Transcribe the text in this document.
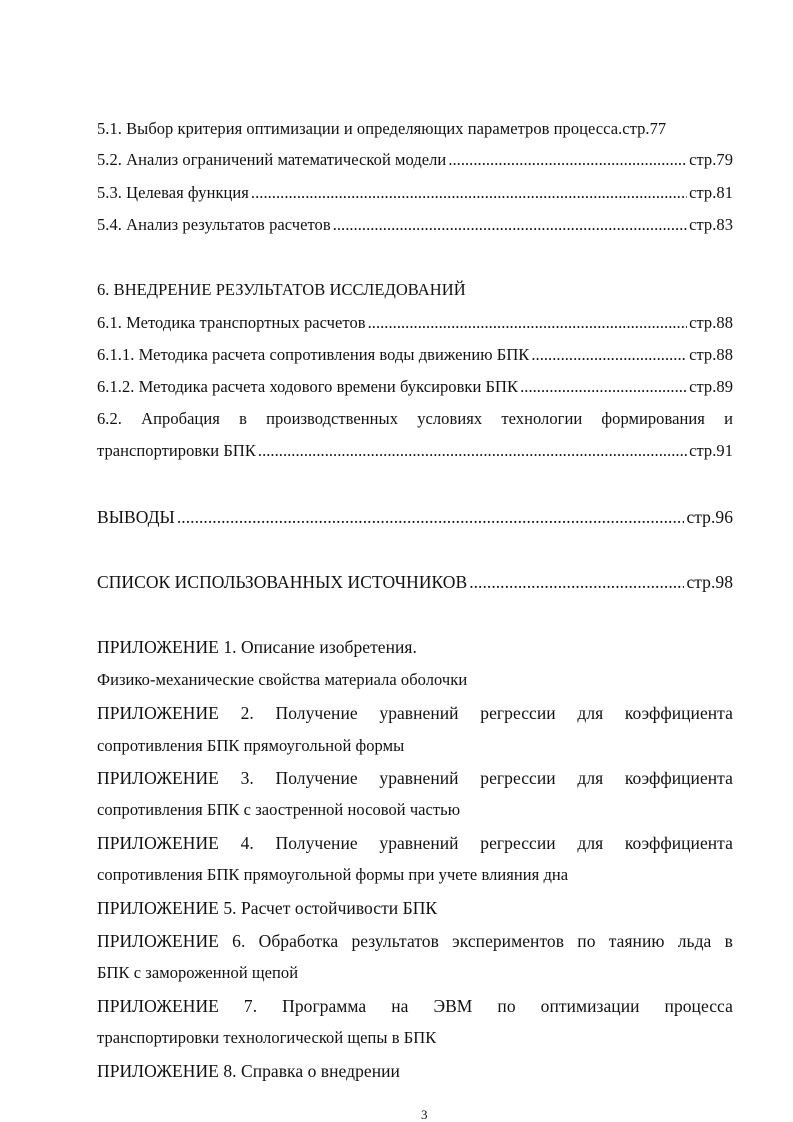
5.1. Выбор критерия оптимизации и определяющих параметров процесса. стр.77
5.2. Анализ ограничений математической модели .....	стр.79
5.3. Целевая функция .....	стр.81
5.4. Анализ результатов расчетов .....	стр.83
6. ВНЕДРЕНИЕ РЕЗУЛЬТАТОВ ИССЛЕДОВАНИЙ
6.1. Методика транспортных расчетов .....	стр.88
6.1.1. Методика расчета сопротивления воды движению БПК .....	стр.88
6.1.2. Методика расчета ходового времени буксировки БПК .....	стр.89
6.2. Апробация в производственных условиях технологии формирования и
транспортировки БПК .....	стр.91
ВЫВОДЫ .....	стр.96
СПИСОК ИСПОЛЬЗОВАННЫХ ИСТОЧНИКОВ .....	стр.98
ПРИЛОЖЕНИЕ 1. Описание изобретения.
Физико-механические свойства материала оболочки
ПРИЛОЖЕНИЕ 2. Получение уравнений регрессии для коэффициента
сопротивления БПК прямоугольной формы
ПРИЛОЖЕНИЕ 3. Получение уравнений регрессии для коэффициента
сопротивления БПК с заостренной носовой частью
ПРИЛОЖЕНИЕ 4. Получение уравнений регрессии для коэффициента
сопротивления БПК прямоугольной формы при учете влияния дна
ПРИЛОЖЕНИЕ 5. Расчет остойчивости БПК
ПРИЛОЖЕНИЕ 6. Обработка результатов экспериментов по таянию льда в
БПК с замороженной щепой
ПРИЛОЖЕНИЕ 7. Программа на ЭВМ по оптимизации процесса
транспортировки технологической щепы в БПК
ПРИЛОЖЕНИЕ 8. Справка о внедрении
3
